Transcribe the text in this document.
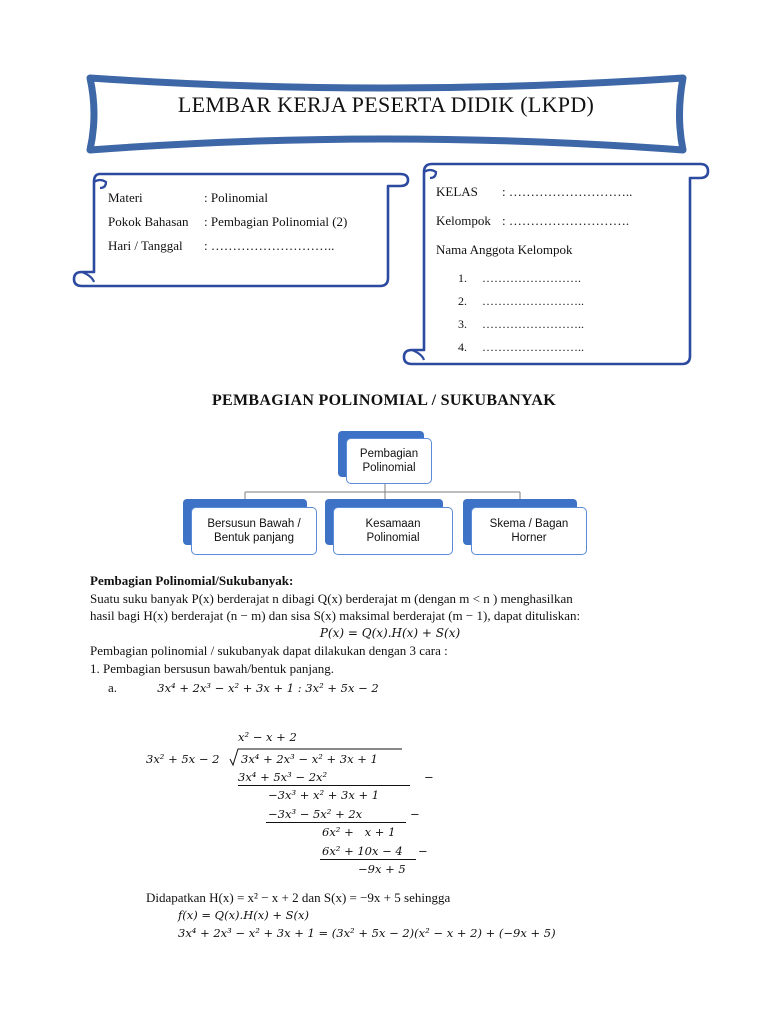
LEMBAR KERJA PESERTA DIDIK (LKPD)
Materi	: Polinomial
Pokok Bahasan : Pembagian Polinomial (2)
Hari / Tanggal : ………………………..
KELAS : ………………………..
Kelompok : ……………………….
Nama Anggota Kelompok
1. …………………….
2. ……………………..
3. ……………………..
4. ……………………..
PEMBAGIAN POLINOMIAL / SUKUBANYAK
Pembagian Polinomial
Bersusun Bawah / Bentuk panjang
Kesamaan Polinomial
Skema / Bagan Horner
Pembagian Polinomial/Sukubanyak:
Suatu suku banyak P(x) berderajat n dibagi Q(x) berderajat m (dengan m < n ) menghasilkan
hasil bagi H(x) berderajat (n − m) dan sisa S(x) maksimal berderajat (m − 1), dapat dituliskan:
P(x) = Q(x).H(x) + S(x)
Pembagian polinomial / sukubanyak dapat dilakukan dengan 3 cara :
1. Pembagian bersusun bawah/bentuk panjang.
a.	3x⁴ + 2x³ − x² + 3x + 1 : 3x² + 5x − 2
x² − x + 2
3x² + 5x − 2 3x⁴ + 2x³ − x² + 3x + 1
3x⁴ + 5x³ − 2x²	−
−3x³ + x² + 3x + 1
−3x³ − 5x² + 2x	−
6x² +   x + 1
6x² + 10x − 4 −
−9x + 5
Didapatkan H(x) = x² − x + 2 dan S(x) = −9x + 5 sehingga
f(x) = Q(x).H(x) + S(x)
3x⁴ + 2x³ − x² + 3x + 1 = (3x² + 5x − 2)(x² − x + 2) + (−9x + 5)
